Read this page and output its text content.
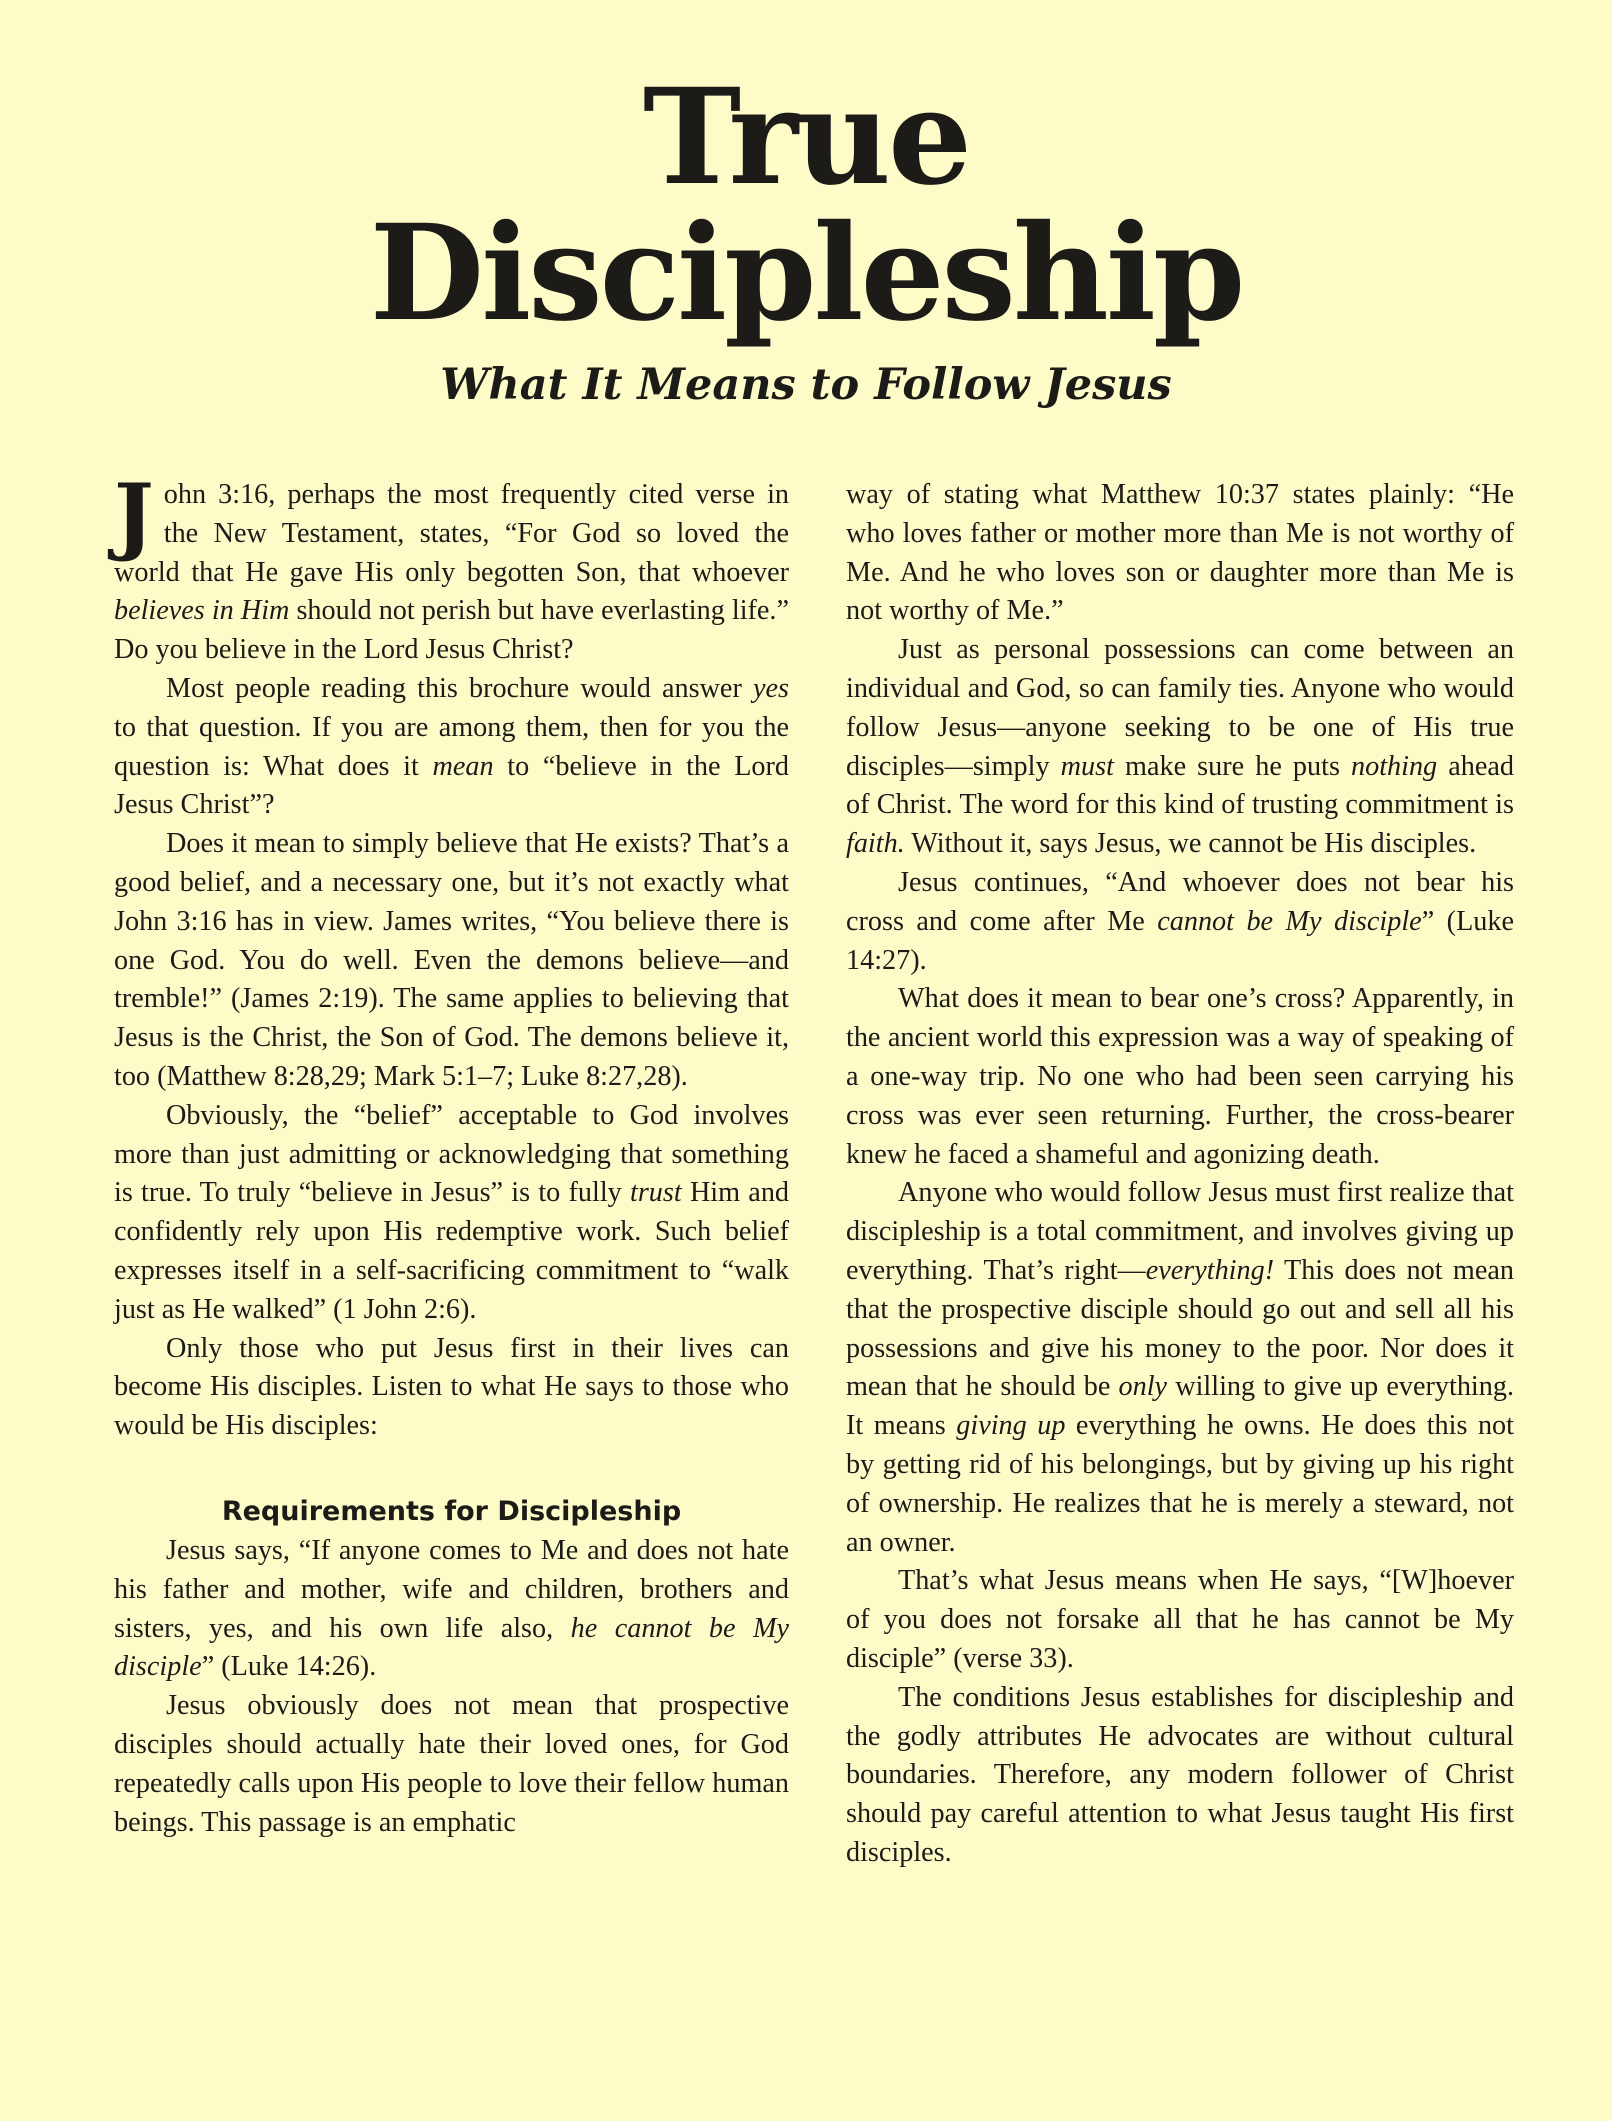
True
Discipleship

What It Means to Follow Jesus

John 3:16, perhaps the most frequently cited verse in the New Testament, states, “For God so loved the world that He gave His only begotten Son, that whoever believes in Him should not perish but have everlasting life.” Do you believe in the Lord Jesus Christ?

Most people reading this brochure would answer yes to that question. If you are among them, then for you the question is: What does it mean to “believe in the Lord Jesus Christ”?

Does it mean to simply believe that He exists? That’s a good belief, and a necessary one, but it’s not exactly what John 3:16 has in view. James writes, “You believe there is one God. You do well. Even the demons believe—and tremble!” (James 2:19). The same applies to believing that Jesus is the Christ, the Son of God. The demons believe it, too (Matthew 8:28,29; Mark 5:1–7; Luke 8:27,28).

Obviously, the “belief” acceptable to God involves more than just admitting or acknowledging that something is true. To truly “believe in Jesus” is to fully trust Him and confidently rely upon His redemptive work. Such belief expresses itself in a self-sacrificing commitment to “walk just as He walked” (1 John 2:6).

Only those who put Jesus first in their lives can become His disciples. Listen to what He says to those who would be His disciples:

Requirements for Discipleship

Jesus says, “If anyone comes to Me and does not hate his father and mother, wife and children, brothers and sisters, yes, and his own life also, he cannot be My disciple” (Luke 14:26).

Jesus obviously does not mean that prospective disciples should actually hate their loved ones, for God repeatedly calls upon His people to love their fellow human beings. This passage is an emphatic

way of stating what Matthew 10:37 states plainly: “He who loves father or mother more than Me is not worthy of Me. And he who loves son or daughter more than Me is not worthy of Me.”

Just as personal possessions can come between an individual and God, so can family ties. Anyone who would follow Jesus—anyone seeking to be one of His true disciples—simply must make sure he puts nothing ahead of Christ. The word for this kind of trusting commitment is faith. Without it, says Jesus, we cannot be His disciples.

Jesus continues, “And whoever does not bear his cross and come after Me cannot be My disciple” (Luke 14:27).

What does it mean to bear one’s cross? Apparently, in the ancient world this expression was a way of speaking of a one-way trip. No one who had been seen carrying his cross was ever seen returning. Further, the cross-bearer knew he faced a shameful and agonizing death.

Anyone who would follow Jesus must first realize that discipleship is a total commitment, and involves giving up everything. That’s right—everything! This does not mean that the prospective disciple should go out and sell all his possessions and give his money to the poor. Nor does it mean that he should be only willing to give up everything. It means giving up everything he owns. He does this not by getting rid of his belongings, but by giving up his right of ownership. He realizes that he is merely a steward, not an owner.

That’s what Jesus means when He says, “[W]hoever of you does not forsake all that he has cannot be My disciple” (verse 33).

The conditions Jesus establishes for discipleship and the godly attributes He advocates are without cultural boundaries. Therefore, any modern follower of Christ should pay careful attention to what Jesus taught His first disciples.
